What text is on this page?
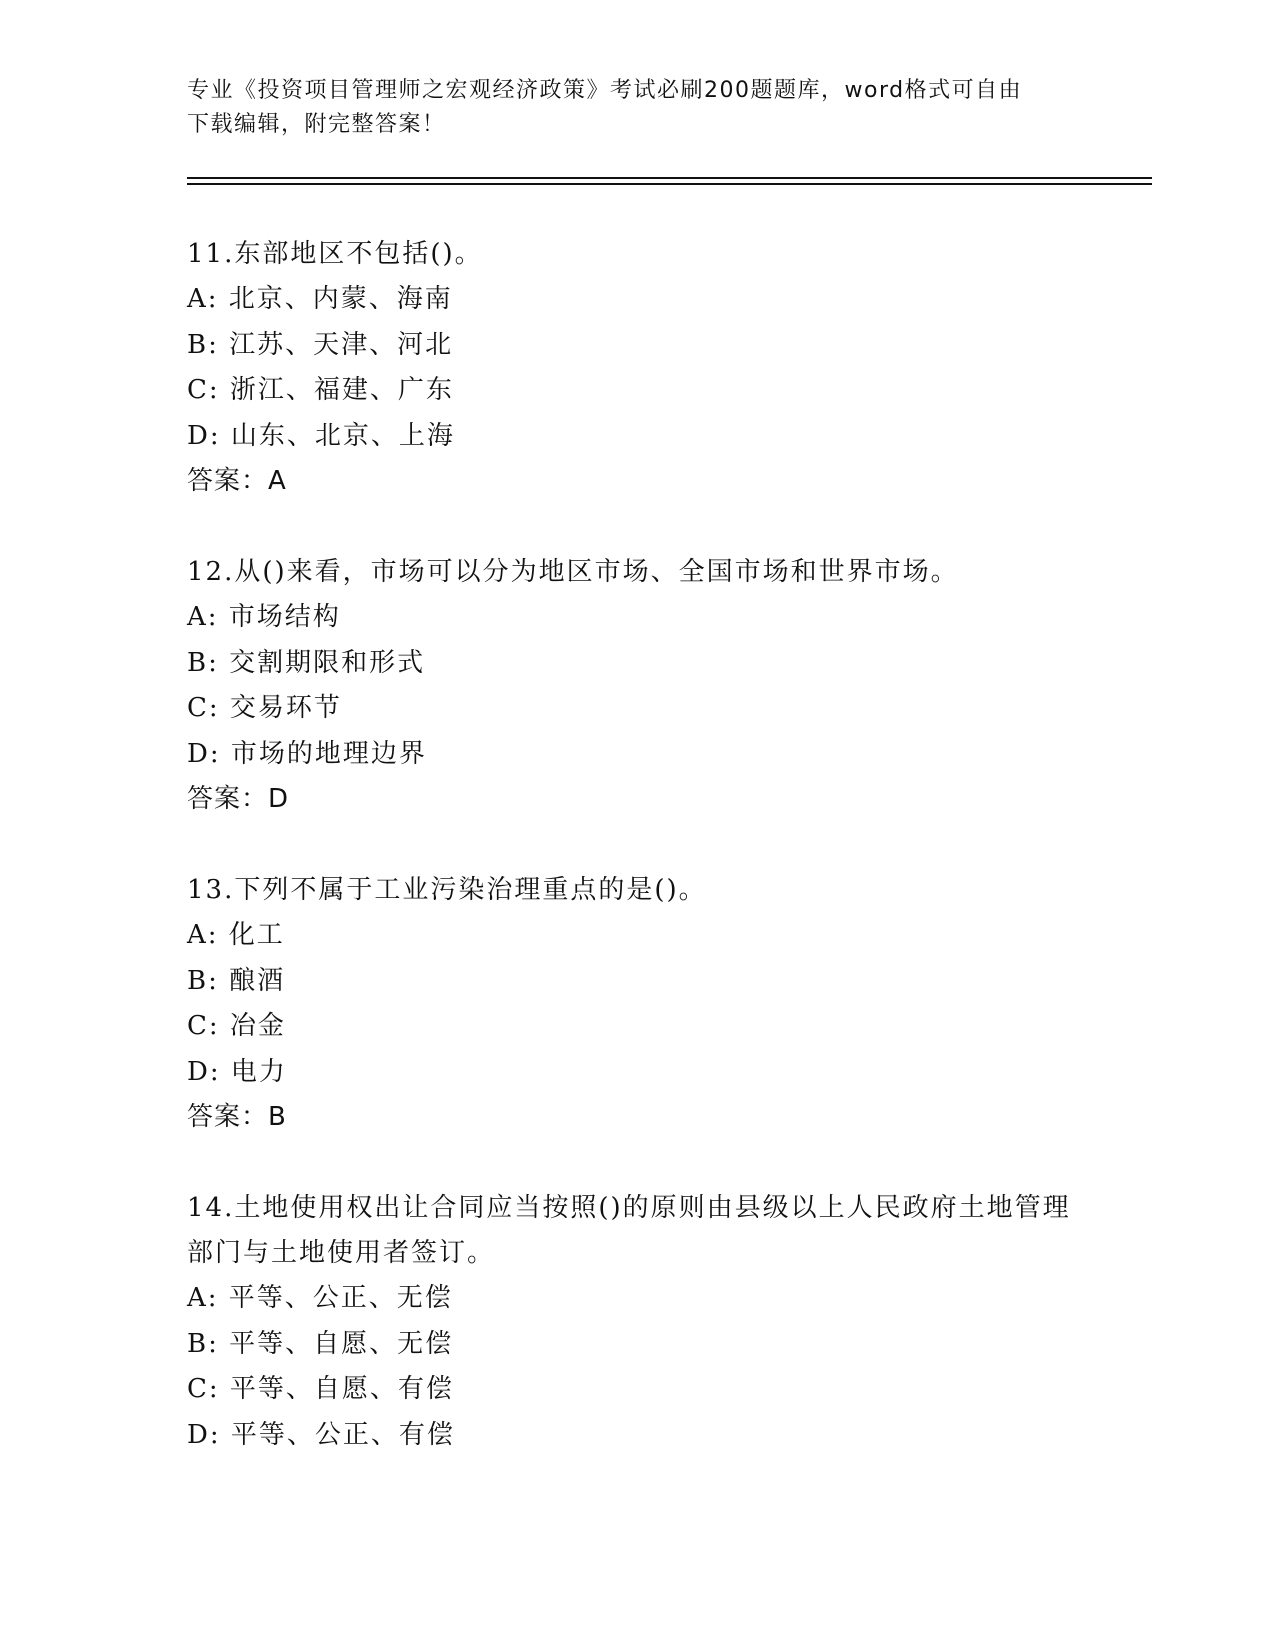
专业《投资项目管理师之宏观经济政策》考试必刷200题题库，word格式可自由
下载编辑，附完整答案！
11.东部地区不包括()。
A: 北京、内蒙、海南
B: 江苏、天津、河北
C: 浙江、福建、广东
D: 山东、北京、上海
答案：A
12.从()来看，市场可以分为地区市场、全国市场和世界市场。
A: 市场结构
B: 交割期限和形式
C: 交易环节
D: 市场的地理边界
答案：D
13.下列不属于工业污染治理重点的是()。
A: 化工
B: 酿酒
C: 冶金
D: 电力
答案：B
14.土地使用权出让合同应当按照()的原则由县级以上人民政府土地管理部门与土地使用者签订。
A: 平等、公正、无偿
B: 平等、自愿、无偿
C: 平等、自愿、有偿
D: 平等、公正、有偿
